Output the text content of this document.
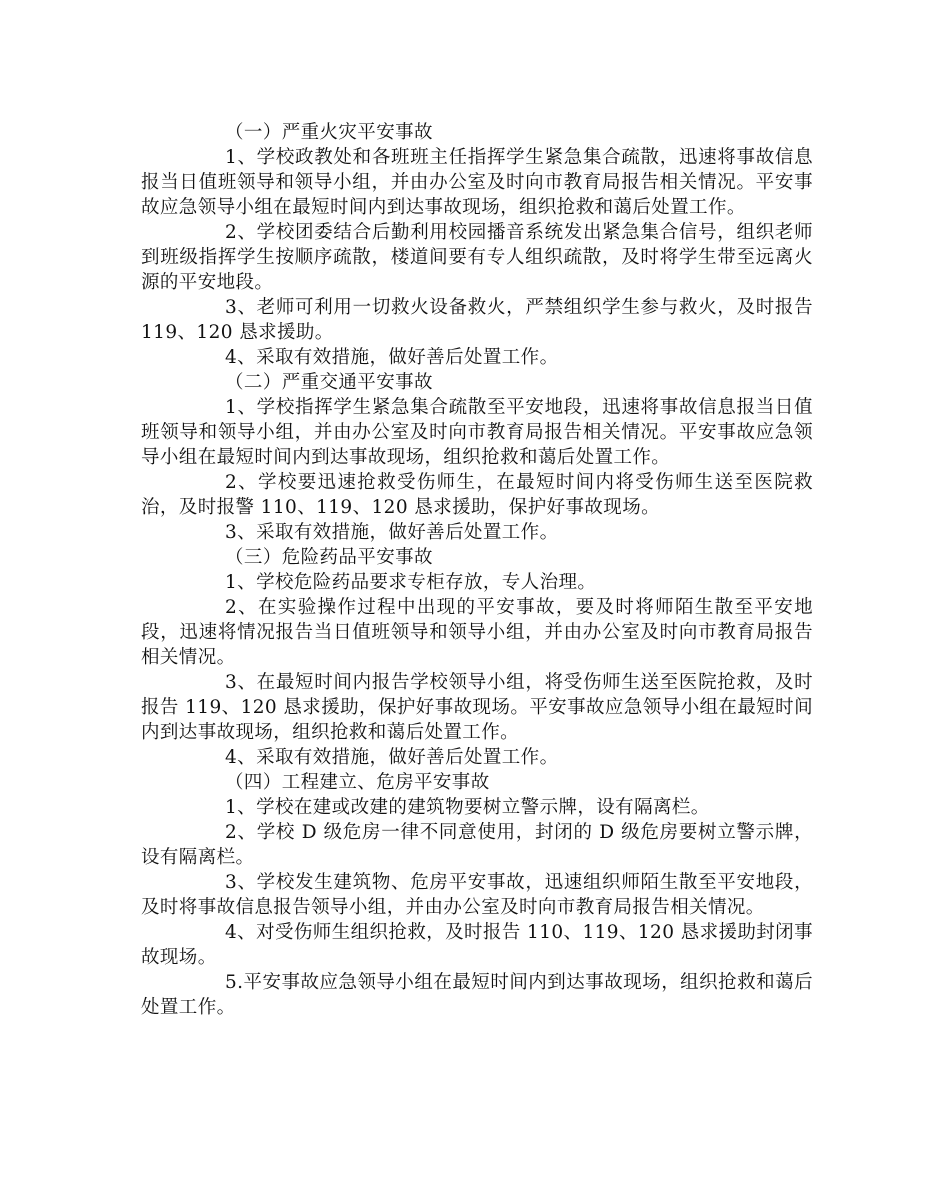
（一）严重火灾平安事故

1、学校政教处和各班班主任指挥学生紧急集合疏散，迅速将事故信息报当日值班领导和领导小组，并由办公室及时向市教育局报告相关情况。平安事故应急领导小组在最短时间内到达事故现场，组织抢救和蔼后处置工作。

2、学校团委结合后勤利用校园播音系统发出紧急集合信号，组织老师到班级指挥学生按顺序疏散，楼道间要有专人组织疏散，及时将学生带至远离火源的平安地段。

3、老师可利用一切救火设备救火，严禁组织学生参与救火，及时报告 119、120 恳求援助。

4、采取有效措施，做好善后处置工作。

（二）严重交通平安事故

1、学校指挥学生紧急集合疏散至平安地段，迅速将事故信息报当日值班领导和领导小组，并由办公室及时向市教育局报告相关情况。平安事故应急领导小组在最短时间内到达事故现场，组织抢救和蔼后处置工作。

2、学校要迅速抢救受伤师生，在最短时间内将受伤师生送至医院救治，及时报警 110、119、120 恳求援助，保护好事故现场。

3、采取有效措施，做好善后处置工作。

（三）危险药品平安事故

1、学校危险药品要求专柜存放，专人治理。

2、在实验操作过程中出现的平安事故，要及时将师陌生散至平安地段，迅速将情况报告当日值班领导和领导小组，并由办公室及时向市教育局报告相关情况。

3、在最短时间内报告学校领导小组，将受伤师生送至医院抢救，及时报告 119、120 恳求援助，保护好事故现场。平安事故应急领导小组在最短时间内到达事故现场，组织抢救和蔼后处置工作。

4、采取有效措施，做好善后处置工作。

（四）工程建立、危房平安事故

1、学校在建或改建的建筑物要树立警示牌，设有隔离栏。

2、学校 D 级危房一律不同意使用，封闭的 D 级危房要树立警示牌，设有隔离栏。

3、学校发生建筑物、危房平安事故，迅速组织师陌生散至平安地段，及时将事故信息报告领导小组，并由办公室及时向市教育局报告相关情况。

4、对受伤师生组织抢救，及时报告 110、119、120 恳求援助封闭事故现场。

5.平安事故应急领导小组在最短时间内到达事故现场，组织抢救和蔼后处置工作。
